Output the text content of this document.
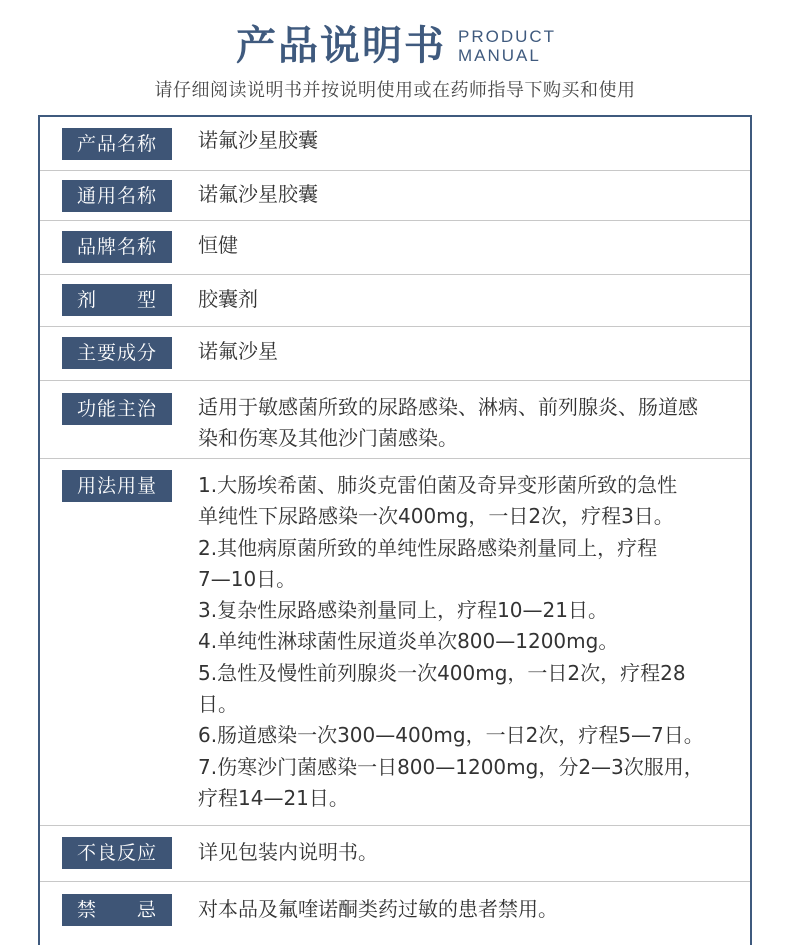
产品说明书 PRODUCT
MANUAL
请仔细阅读说明书并按说明使用或在药师指导下购买和使用
产品名称	诺氟沙星胶囊
通用名称	诺氟沙星胶囊
品牌名称	恒健
剂　　型	胶囊剂
主要成分	诺氟沙星
功能主治	适用于敏感菌所致的尿路感染、淋病、前列腺炎、肠道感
染和伤寒及其他沙门菌感染。
用法用量	1.大肠埃希菌、肺炎克雷伯菌及奇异变形菌所致的急性
单纯性下尿路感染一次400mg，一日2次，疗程3日。
2.其他病原菌所致的单纯性尿路感染剂量同上，疗程
7—10日。
3.复杂性尿路感染剂量同上，疗程10—21日。
4.单纯性淋球菌性尿道炎单次800—1200mg。
5.急性及慢性前列腺炎一次400mg，一日2次，疗程28
日。
6.肠道感染一次300—400mg，一日2次，疗程5—7日。
7.伤寒沙门菌感染一日800—1200mg，分2—3次服用，
疗程14—21日。
不良反应	详见包装内说明书。
禁　　忌	对本品及氟喹诺酮类药过敏的患者禁用。
